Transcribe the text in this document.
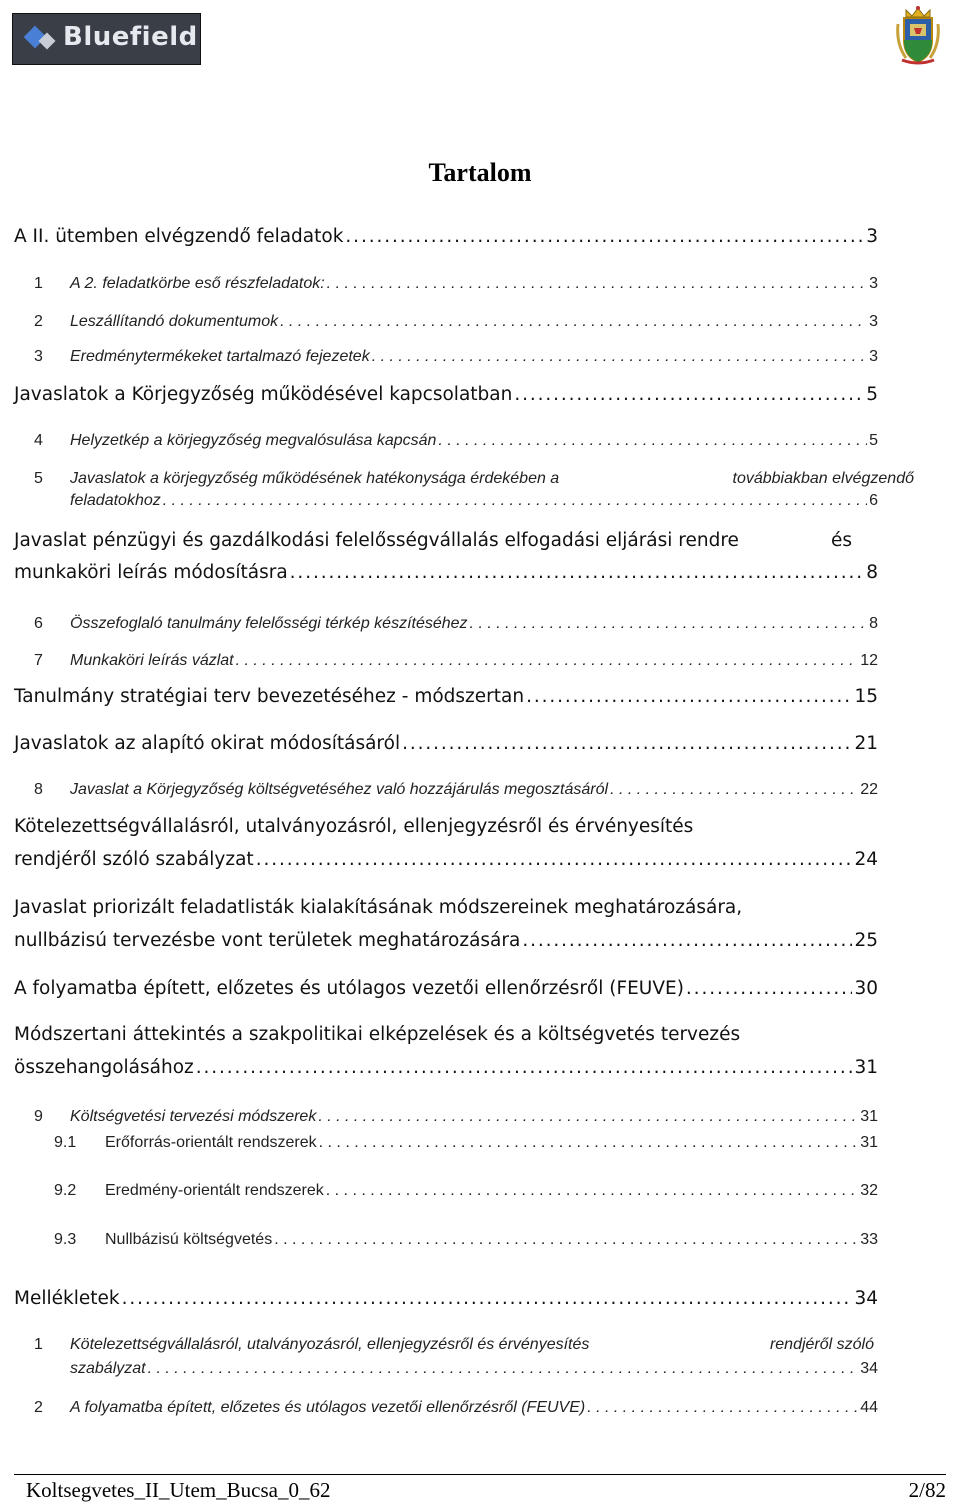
Bluefield
Tartalom
A II. ütemben elvégzendő feladatok . . .	3
1	A 2. feladatkörbe eső részfeladatok: . . .	3
2	Leszállítandó dokumentumok . . .	3
3	Eredménytermékeket tartalmazó fejezetek . . .	3
Javaslatok a Körjegyzőség működésével kapcsolatban . . .	5
4	Helyzetkép a körjegyzőség megvalósulása kapcsán . . .	5
5	Javaslatok a körjegyzőség működésének hatékonysága érdekében a	továbbiakban elvégzendő
feladatokhoz . . .	6
Javaslat pénzügyi és gazdálkodási felelősségvállalás elfogadási eljárási rendre	és
munkaköri leírás módosításra . . .	8
6	Összefoglaló tanulmány felelősségi térkép készítéséhez . . .	8
7	Munkaköri leírás vázlat . . .	12
Tanulmány stratégiai terv bevezetéséhez - módszertan . . .	15
Javaslatok az alapító okirat módosításáról . . .	21
8	Javaslat a Körjegyzőség költségvetéséhez való hozzájárulás megosztásáról . . .	22
Kötelezettségvállalásról, utalványozásról, ellenjegyzésről és érvényesítés
rendjéről szóló szabályzat . . .	24
Javaslat priorizált feladatlisták kialakításának módszereinek meghatározására,
nullbázisú tervezésbe vont területek meghatározására . . .	25
A folyamatba épített, előzetes és utólagos vezetői ellenőrzésről (FEUVE) . . .	30
Módszertani áttekintés a szakpolitikai elképzelések és a költségvetés tervezés
összehangolásához . . .	31
9	Költségvetési tervezési módszerek . . .	31
9.1	Erőforrás-orientált rendszerek . . .	31
9.2	Eredmény-orientált rendszerek . . .	32
9.3	Nullbázisú költségvetés . . .	33
Mellékletek . . .	34
1	Kötelezettségvállalásról, utalványozásról, ellenjegyzésről és érvényesítés	rendjéről szóló
szabályzat . . .	34
2	A folyamatba épített, előzetes és utólagos vezetői ellenőrzésről (FEUVE) . . .	44
Koltsegvetes_II_Utem_Bucsa_0_62	2/82
